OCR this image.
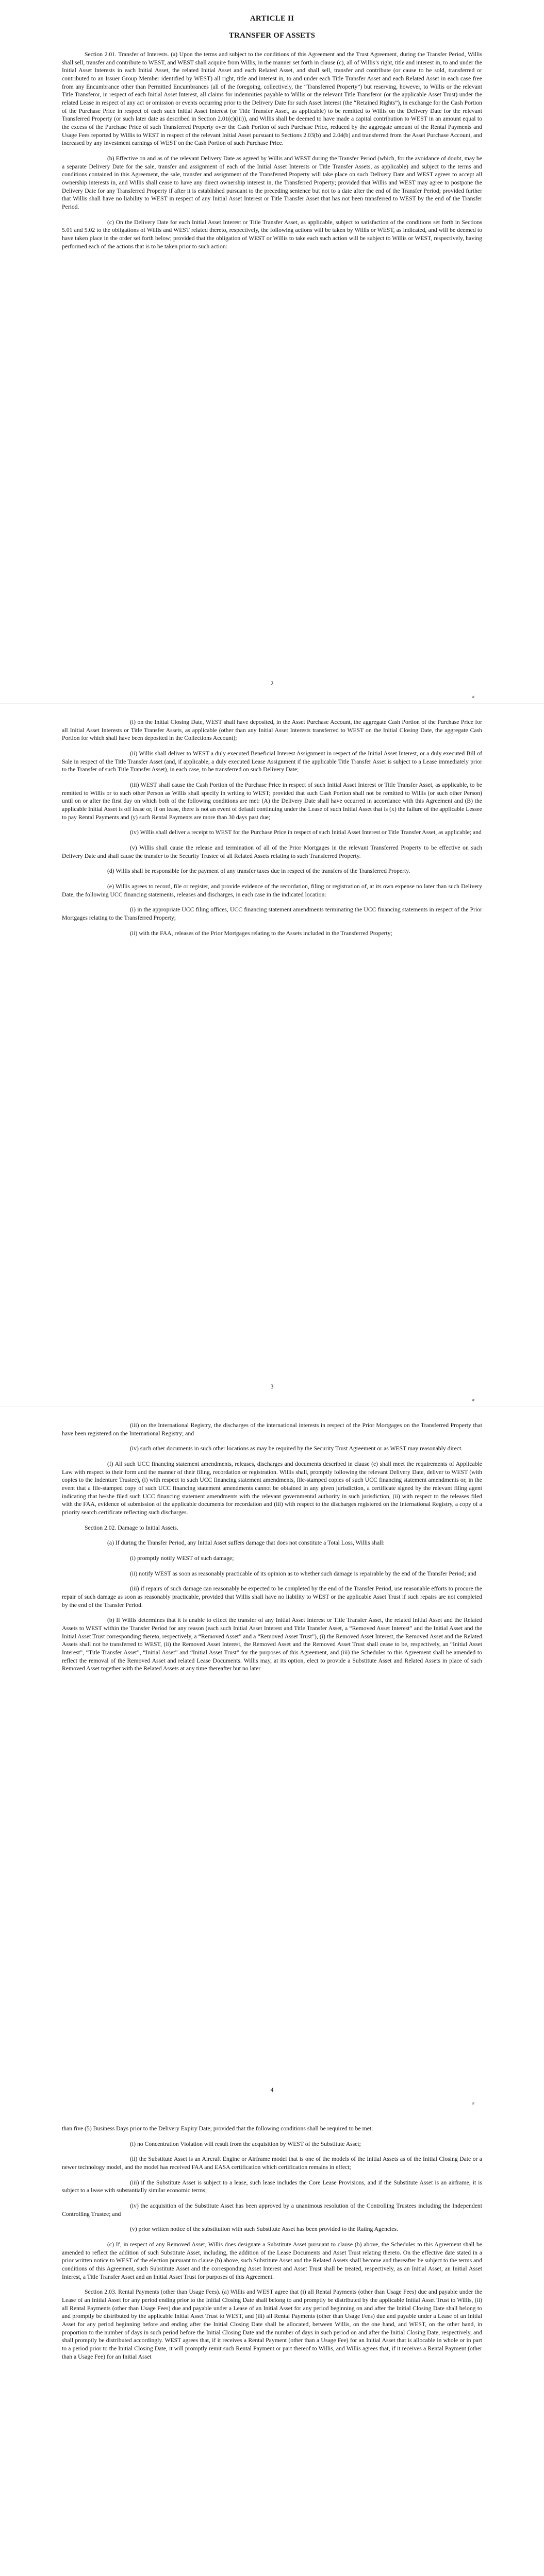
ARTICLE II
TRANSFER OF ASSETS

Section 2.01. Transfer of Interests. (a) Upon the terms and subject to the conditions of this Agreement and the Trust Agreement, during the Transfer Period, Willis shall sell, transfer and contribute to WEST, and WEST shall acquire from Willis, in the manner set forth in clause (c), all of Willis’s right, title and interest in, to and under the Initial Asset Interests in each Initial Asset, the related Initial Asset and each Related Asset, and shall sell, transfer and contribute (or cause to be sold, transferred or contributed to an Issuer Group Member identified by WEST) all right, title and interest in, to and under each Title Transfer Asset and each Related Asset in each case free from any Encumbrance other than Permitted Encumbrances (all of the foregoing, collectively, the “Transferred Property”) but reserving, however, to Willis or the relevant Title Transferor, in respect of each Initial Asset Interest, all claims for indemnities payable to Willis or the relevant Title Transferor (or the applicable Asset Trust) under the related Lease in respect of any act or omission or events occurring prior to the Delivery Date for such Asset Interest (the “Retained Rights”), in exchange for the Cash Portion of the Purchase Price in respect of each such Initial Asset Interest (or Title Transfer Asset, as applicable) to be remitted to Willis on the Delivery Date for the relevant Transferred Property (or such later date as described in Section 2.01(c)(iii)), and Willis shall be deemed to have made a capital contribution to WEST in an amount equal to the excess of the Purchase Price of such Transferred Property over the Cash Portion of such Purchase Price, reduced by the aggregate amount of the Rental Payments and Usage Fees reported by Willis to WEST in respect of the relevant Initial Asset pursuant to Sections 2.03(b) and 2.04(b) and transferred from the Asset Purchase Account, and increased by any investment earnings of WEST on the Cash Portion of such Purchase Price.

(b) Effective on and as of the relevant Delivery Date as agreed by Willis and WEST during the Transfer Period (which, for the avoidance of doubt, may be a separate Delivery Date for the sale, transfer and assignment of each of the Initial Asset Interests or Title Transfer Assets, as applicable) and subject to the terms and conditions contained in this Agreement, the sale, transfer and assignment of the Transferred Property will take place on such Delivery Date and WEST agrees to accept all ownership interests in, and Willis shall cease to have any direct ownership interest in, the Transferred Property; provided that Willis and WEST may agree to postpone the Delivery Date for any Transferred Property if after it is established pursuant to the preceding sentence but not to a date after the end of the Transfer Period; provided further that Willis shall have no liability to WEST in respect of any Initial Asset Interest or Title Transfer Asset that has not been transferred to WEST by the end of the Transfer Period.

(c) On the Delivery Date for each Initial Asset Interest or Title Transfer Asset, as applicable, subject to satisfaction of the conditions set forth in Sections 5.01 and 5.02 to the obligations of Willis and WEST related thereto, respectively, the following actions will be taken by Willis or WEST, as indicated, and will be deemed to have taken place in the order set forth below; provided that the obligation of WEST or Willis to take each such action will be subject to Willis or WEST, respectively, having performed each of the actions that is to be taken prior to such action:

2
#

(i) on the Initial Closing Date, WEST shall have deposited, in the Asset Purchase Account, the aggregate Cash Portion of the Purchase Price for all Initial Asset Interests or Title Transfer Assets, as applicable (other than any Initial Asset Interests transferred to WEST on the Initial Closing Date, the aggregate Cash Portion for which shall have been deposited in the Collections Account);

(ii) Willis shall deliver to WEST a duly executed Beneficial Interest Assignment in respect of the Initial Asset Interest, or a duly executed Bill of Sale in respect of the Title Transfer Asset (and, if applicable, a duly executed Lease Assignment if the applicable Title Transfer Asset is subject to a Lease immediately prior to the Transfer of such Title Transfer Asset), in each case, to be transferred on such Delivery Date;

(iii) WEST shall cause the Cash Portion of the Purchase Price in respect of such Initial Asset Interest or Title Transfer Asset, as applicable, to be remitted to Willis or to such other Person as Willis shall specify in writing to WEST; provided that such Cash Portion shall not be remitted to Willis (or such other Person) until on or after the first day on which both of the following conditions are met: (A) the Delivery Date shall have occurred in accordance with this Agreement and (B) the applicable Initial Asset is off lease or, if on lease, there is not an event of default continuing under the Lease of such Initial Asset that is (x) the failure of the applicable Lessee to pay Rental Payments and (y) such Rental Payments are more than 30 days past due;

(iv) Willis shall deliver a receipt to WEST for the Purchase Price in respect of such Initial Asset Interest or Title Transfer Asset, as applicable; and

(v) Willis shall cause the release and termination of all of the Prior Mortgages in the relevant Transferred Property to be effective on such Delivery Date and shall cause the transfer to the Security Trustee of all Related Assets relating to such Transferred Property.

(d) Willis shall be responsible for the payment of any transfer taxes due in respect of the transfers of the Transferred Property.

(e) Willis agrees to record, file or register, and provide evidence of the recordation, filing or registration of, at its own expense no later than such Delivery Date, the following UCC financing statements, releases and discharges, in each case in the indicated location:

(i) in the appropriate UCC filing offices, UCC financing statement amendments terminating the UCC financing statements in respect of the Prior Mortgages relating to the Transferred Property;

(ii) with the FAA, releases of the Prior Mortgages relating to the Assets included in the Transferred Property;

3
#

(iii) on the International Registry, the discharges of the international interests in respect of the Prior Mortgages on the Transferred Property that have been registered on the International Registry; and

(iv) such other documents in such other locations as may be required by the Security Trust Agreement or as WEST may reasonably direct.

(f) All such UCC financing statement amendments, releases, discharges and documents described in clause (e) shall meet the requirements of Applicable Law with respect to their form and the manner of their filing, recordation or registration. Willis shall, promptly following the relevant Delivery Date, deliver to WEST (with copies to the Indenture Trustee), (i) with respect to such UCC financing statement amendments, file-stamped copies of such UCC financing statement amendments or, in the event that a file-stamped copy of such UCC financing statement amendments cannot be obtained in any given jurisdiction, a certificate signed by the relevant filing agent indicating that he/she filed such UCC financing statement amendments with the relevant governmental authority in such jurisdiction, (ii) with respect to the releases filed with the FAA, evidence of submission of the applicable documents for recordation and (iii) with respect to the discharges registered on the International Registry, a copy of a priority search certificate reflecting such discharges.

Section 2.02. Damage to Initial Assets.

(a) If during the Transfer Period, any Initial Asset suffers damage that does not constitute a Total Loss, Willis shall:

(i) promptly notify WEST of such damage;

(ii) notify WEST as soon as reasonably practicable of its opinion as to whether such damage is repairable by the end of the Transfer Period; and

(iii) if repairs of such damage can reasonably be expected to be completed by the end of the Transfer Period, use reasonable efforts to procure the repair of such damage as soon as reasonably practicable, provided that Willis shall have no liability to WEST or the applicable Asset Trust if such repairs are not completed by the end of the Transfer Period.

(b) If Willis determines that it is unable to effect the transfer of any Initial Asset Interest or Title Transfer Asset, the related Initial Asset and the Related Assets to WEST within the Transfer Period for any reason (each such Initial Asset Interest and Title Transfer Asset, a “Removed Asset Interest” and the Initial Asset and the Initial Asset Trust corresponding thereto, respectively, a “Removed Asset” and a “Removed Asset Trust”), (i) the Removed Asset Interest, the Removed Asset and the Related Assets shall not be transferred to WEST, (ii) the Removed Asset Interest, the Removed Asset and the Removed Asset Trust shall cease to be, respectively, an “Initial Asset Interest”, “Title Transfer Asset”, “Initial Asset” and “Initial Asset Trust” for the purposes of this Agreement, and (iii) the Schedules to this Agreement shall be amended to reflect the removal of the Removed Asset and related Lease Documents. Willis may, at its option, elect to provide a Substitute Asset and Related Assets in place of such Removed Asset together with the Related Assets at any time thereafter but no later

4
#

than five (5) Business Days prior to the Delivery Expiry Date; provided that the following conditions shall be required to be met:

(i) no Concentration Violation will result from the acquisition by WEST of the Substitute Asset;

(ii) the Substitute Asset is an Aircraft Engine or Airframe model that is one of the models of the Initial Assets as of the Initial Closing Date or a newer technology model, and the model has received FAA and EASA certification which certification remains in effect;

(iii) if the Substitute Asset is subject to a lease, such lease includes the Core Lease Provisions, and if the Substitute Asset is an airframe, it is subject to a lease with substantially similar economic terms;

(iv) the acquisition of the Substitute Asset has been approved by a unanimous resolution of the Controlling Trustees including the Independent Controlling Trustee; and

(v) prior written notice of the substitution with such Substitute Asset has been provided to the Rating Agencies.

(c) If, in respect of any Removed Asset, Willis does designate a Substitute Asset pursuant to clause (b) above, the Schedules to this Agreement shall be amended to reflect the addition of such Substitute Asset, including, the addition of the Lease Documents and Asset Trust relating thereto. On the effective date stated in a prior written notice to WEST of the election pursuant to clause (b) above, such Substitute Asset and the Related Assets shall become and thereafter be subject to the terms and conditions of this Agreement, such Substitute Asset and the corresponding Asset Interest and Asset Trust shall be treated, respectively, as an Initial Asset, an Initial Asset Interest, a Title Transfer Asset and an Initial Asset Trust for purposes of this Agreement.

Section 2.03. Rental Payments (other than Usage Fees). (a) Willis and WEST agree that (i) all Rental Payments (other than Usage Fees) due and payable under the Lease of an Initial Asset for any period ending prior to the Initial Closing Date shall belong to and promptly be distributed by the applicable Initial Asset Trust to Willis, (ii) all Rental Payments (other than Usage Fees) due and payable under a Lease of an Initial Asset for any period beginning on and after the Initial Closing Date shall belong to and promptly be distributed by the applicable Initial Asset Trust to WEST, and (iii) all Rental Payments (other than Usage Fees) due and payable under a Lease of an Initial Asset for any period beginning before and ending after the Initial Closing Date shall be allocated, between Willis, on the one hand, and WEST, on the other hand, in proportion to the number of days in such period before the Initial Closing Date and the number of days in such period on and after the Initial Closing Date, respectively, and shall promptly be distributed accordingly. WEST agrees that, if it receives a Rental Payment (other than a Usage Fee) for an Initial Asset that is allocable in whole or in part to a period prior to the Initial Closing Date, it will promptly remit such Rental Payment or part thereof to Willis, and Willis agrees that, if it receives a Rental Payment (other than a Usage Fee) for an Initial Asset
